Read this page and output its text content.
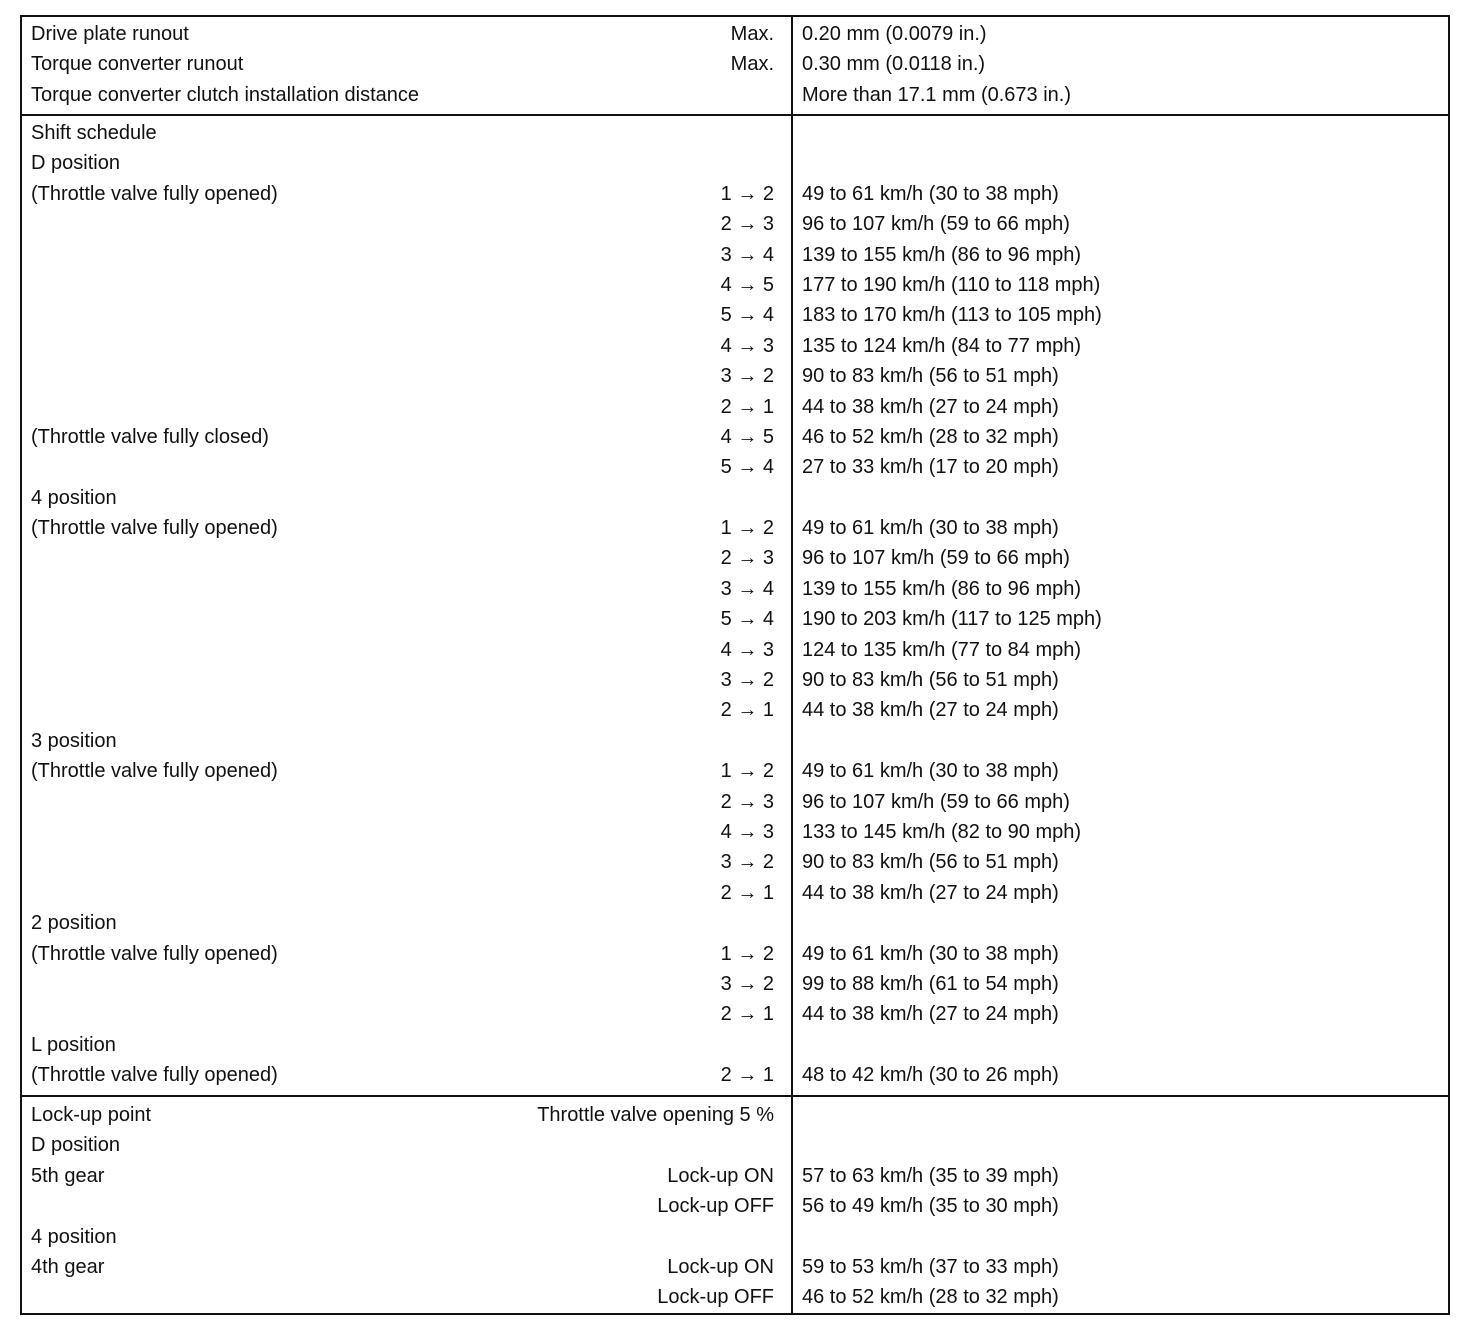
Drive plate runout	Max. 0.20 mm (0.0079 in.)
Torque converter runout	Max. 0.30 mm (0.0118 in.)
Torque converter clutch installation distance	More than 17.1 mm (0.673 in.)
Shift schedule
D position
(Throttle valve fully opened)	1 → 2 49 to 61 km/h (30 to 38 mph)
2 → 3 96 to 107 km/h (59 to 66 mph)
3 → 4 139 to 155 km/h (86 to 96 mph)
4 → 5 177 to 190 km/h (110 to 118 mph)
5 → 4 183 to 170 km/h (113 to 105 mph)
4 → 3 135 to 124 km/h (84 to 77 mph)
3 → 2 90 to 83 km/h (56 to 51 mph)
2 → 1 44 to 38 km/h (27 to 24 mph)
(Throttle valve fully closed)	4 → 5 46 to 52 km/h (28 to 32 mph)
5 → 4 27 to 33 km/h (17 to 20 mph)
4 position
(Throttle valve fully opened)	1 → 2 49 to 61 km/h (30 to 38 mph)
2 → 3 96 to 107 km/h (59 to 66 mph)
3 → 4 139 to 155 km/h (86 to 96 mph)
5 → 4 190 to 203 km/h (117 to 125 mph)
4 → 3 124 to 135 km/h (77 to 84 mph)
3 → 2 90 to 83 km/h (56 to 51 mph)
2 → 1 44 to 38 km/h (27 to 24 mph)
3 position
(Throttle valve fully opened)	1 → 2 49 to 61 km/h (30 to 38 mph)
2 → 3 96 to 107 km/h (59 to 66 mph)
4 → 3 133 to 145 km/h (82 to 90 mph)
3 → 2 90 to 83 km/h (56 to 51 mph)
2 → 1 44 to 38 km/h (27 to 24 mph)
2 position
(Throttle valve fully opened)	1 → 2 49 to 61 km/h (30 to 38 mph)
3 → 2 99 to 88 km/h (61 to 54 mph)
2 → 1 44 to 38 km/h (27 to 24 mph)
L position
(Throttle valve fully opened)	2 → 1 48 to 42 km/h (30 to 26 mph)
Lock-up point	Throttle valve opening 5 %
D position
5th gear	Lock-up ON 57 to 63 km/h (35 to 39 mph)
Lock-up OFF 56 to 49 km/h (35 to 30 mph)
4 position
4th gear	Lock-up ON 59 to 53 km/h (37 to 33 mph)
Lock-up OFF 46 to 52 km/h (28 to 32 mph)
